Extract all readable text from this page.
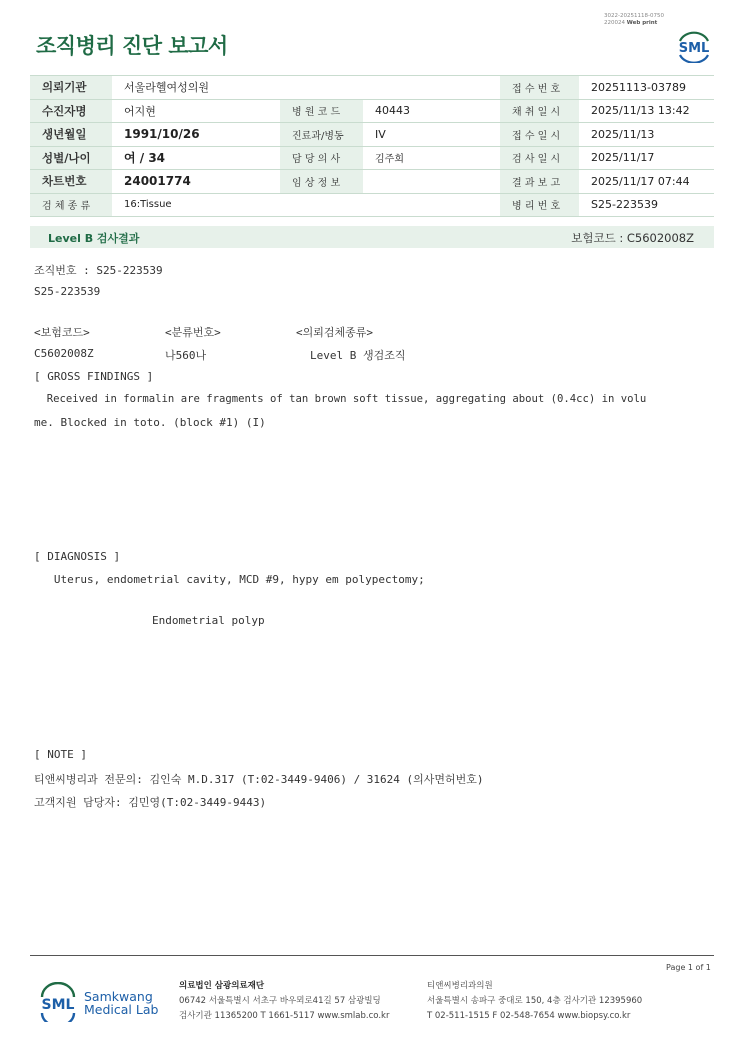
조직병리 진단 보고서
3022-20251118-0750
220024 Web print
SML
의뢰기관	서울라헬여성의원			접 수 번 호	20251113-03789
수진자명	어지현	병 원 코 드	40443	채 취 일 시	2025/11/13 13:42
생년월일	1991/10/26	진료과/병동	IV	접 수 일 시	2025/11/13
성별/나이	여 / 34	담 당 의 사	김주희	검 사 일 시	2025/11/17
차트번호	24001774	임 상 정 보		결 과 보 고	2025/11/17 07:44
검 체 종 류	16:Tissue			병 리 번 호	S25-223539
Level B 검사결과	보험코드 : C5602008Z
조직번호 : S25-223539
S25-223539
<보험코드>	<분류번호>	<의뢰검체종류>
C5602008Z	나560나	Level B 생검조직
[ GROSS FINDINGS ]
Received in formalin are fragments of tan brown soft tissue, aggregating about (0.4cc) in volu
me. Blocked in toto. (block #1) (I)
[ DIAGNOSIS ]
Uterus, endometrial cavity, MCD #9, hypy em polypectomy;
Endometrial polyp
[ NOTE ]
티앤씨병리과 전문의: 김인숙 M.D.317 (T:02-3449-9406) / 31624 (의사면허번호)
고객지원 담당자: 김민영(T:02-3449-9443)
Page 1 of 1
SML
Samkwang
Medical Lab
의료법인 삼광의료재단
06742 서울특별시 서초구 바우뫼로41길 57 삼광빌딩
검사기관 11365200 T 1661-5117 www.smlab.co.kr
티앤씨병리과의원
서울특별시 송파구 중대로 150, 4층 검사기관 12395960
T 02-511-1515 F 02-548-7654 www.biopsy.co.kr
